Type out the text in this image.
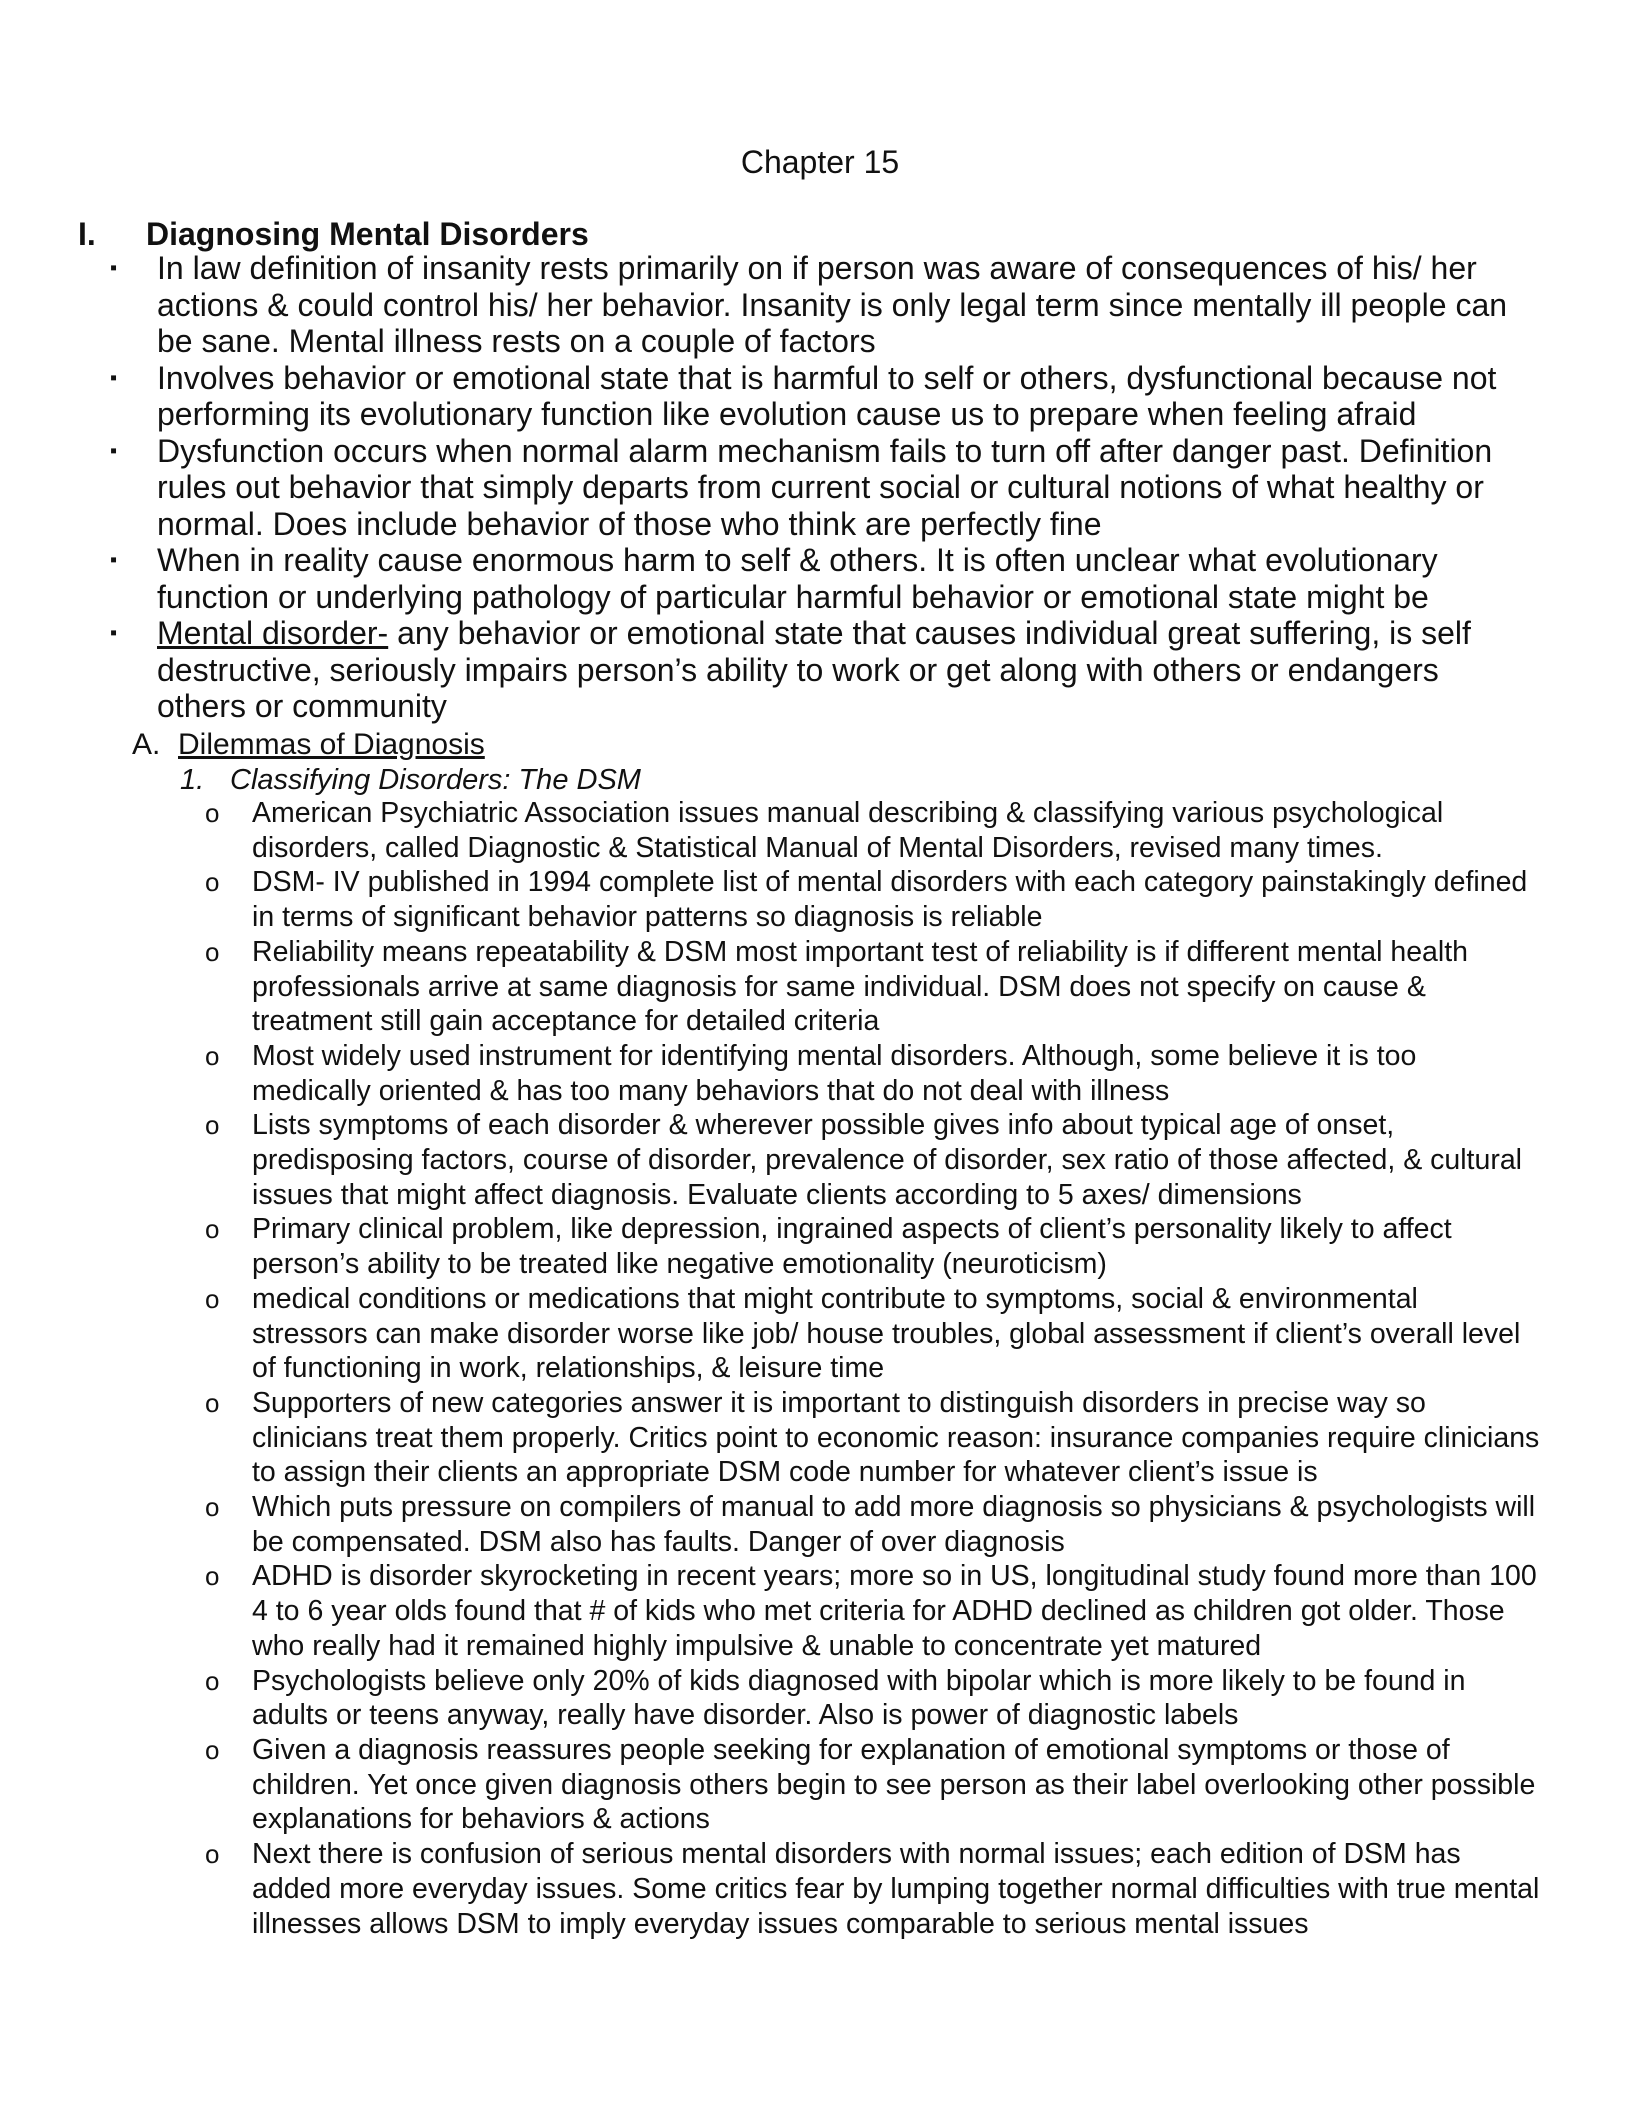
Chapter 15
I. Diagnosing Mental Disorders
▪ In law definition of insanity rests primarily on if person was aware of consequences of his/ her actions & could control his/ her behavior. Insanity is only legal term since mentally ill people can be sane. Mental illness rests on a couple of factors
▪ Involves behavior or emotional state that is harmful to self or others, dysfunctional because not performing its evolutionary function like evolution cause us to prepare when feeling afraid
▪ Dysfunction occurs when normal alarm mechanism fails to turn off after danger past. Definition rules out behavior that simply departs from current social or cultural notions of what healthy or normal. Does include behavior of those who think are perfectly fine
▪ When in reality cause enormous harm to self & others. It is often unclear what evolutionary function or underlying pathology of particular harmful behavior or emotional state might be
▪ Mental disorder- any behavior or emotional state that causes individual great suffering, is self destructive, seriously impairs person’s ability to work or get along with others or endangers others or community
A. Dilemmas of Diagnosis
1. Classifying Disorders: The DSM
o American Psychiatric Association issues manual describing & classifying various psychological disorders, called Diagnostic & Statistical Manual of Mental Disorders, revised many times.
o DSM- IV published in 1994 complete list of mental disorders with each category painstakingly defined in terms of significant behavior patterns so diagnosis is reliable
o Reliability means repeatability & DSM most important test of reliability is if different mental health professionals arrive at same diagnosis for same individual. DSM does not specify on cause & treatment still gain acceptance for detailed criteria
o Most widely used instrument for identifying mental disorders. Although, some believe it is too medically oriented & has too many behaviors that do not deal with illness
o Lists symptoms of each disorder & wherever possible gives info about typical age of onset, predisposing factors, course of disorder, prevalence of disorder, sex ratio of those affected, & cultural issues that might affect diagnosis. Evaluate clients according to 5 axes/ dimensions
o Primary clinical problem, like depression, ingrained aspects of client’s personality likely to affect person’s ability to be treated like negative emotionality (neuroticism)
o medical conditions or medications that might contribute to symptoms, social & environmental stressors can make disorder worse like job/ house troubles, global assessment if client’s overall level of functioning in work, relationships, & leisure time
o Supporters of new categories answer it is important to distinguish disorders in precise way so clinicians treat them properly. Critics point to economic reason: insurance companies require clinicians to assign their clients an appropriate DSM code number for whatever client’s issue is
o Which puts pressure on compilers of manual to add more diagnosis so physicians & psychologists will be compensated. DSM also has faults. Danger of over diagnosis
o ADHD is disorder skyrocketing in recent years; more so in US, longitudinal study found more than 100 4 to 6 year olds found that # of kids who met criteria for ADHD declined as children got older. Those who really had it remained highly impulsive & unable to concentrate yet matured
o Psychologists believe only 20% of kids diagnosed with bipolar which is more likely to be found in adults or teens anyway, really have disorder. Also is power of diagnostic labels
o Given a diagnosis reassures people seeking for explanation of emotional symptoms or those of children. Yet once given diagnosis others begin to see person as their label overlooking other possible explanations for behaviors & actions
o Next there is confusion of serious mental disorders with normal issues; each edition of DSM has added more everyday issues. Some critics fear by lumping together normal difficulties with true mental illnesses allows DSM to imply everyday issues comparable to serious mental issues
